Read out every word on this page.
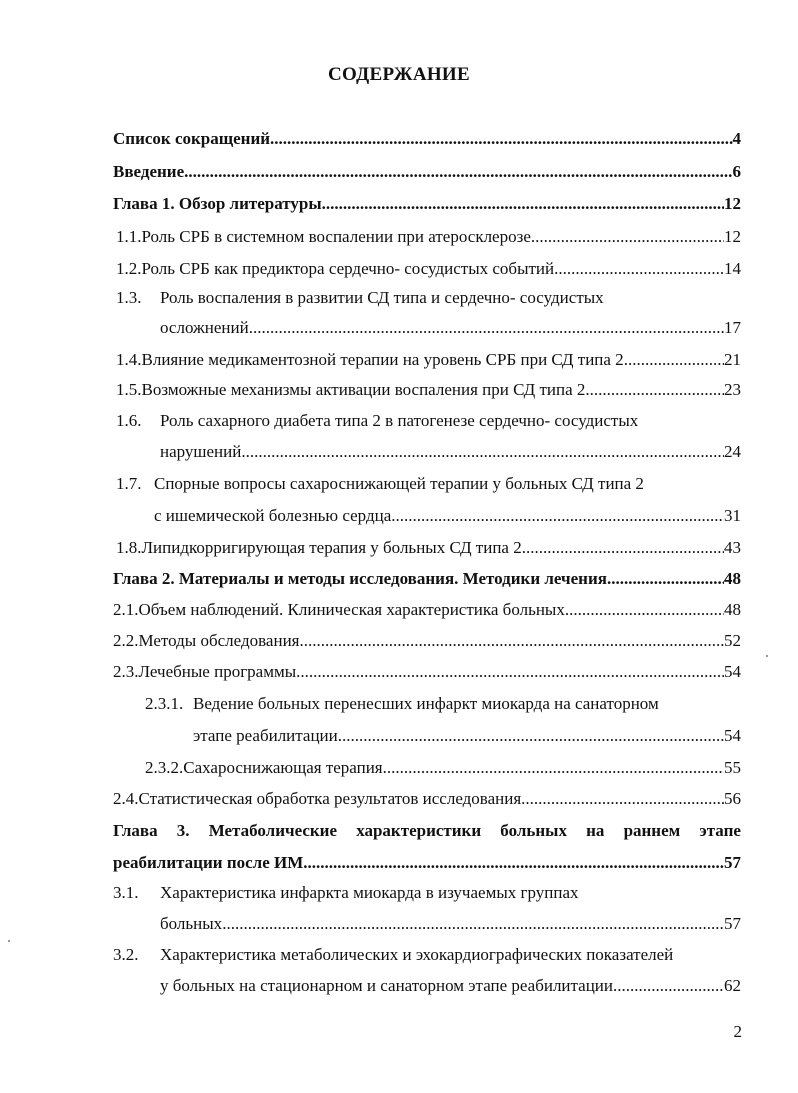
СОДЕРЖАНИЕ
Список сокращений .....	4
Введение .....	6
Глава 1. Обзор литературы .....	12
1.1. Роль СРБ в системном воспалении при атеросклерозе .....	12
1.2. Роль СРБ как предиктора сердечно- сосудистых событий .....	14
1.3. Роль воспаления в развитии СД типа и сердечно- сосудистых
осложнений .....	17
1.4. Влияние медикаментозной терапии на уровень СРБ при СД типа 2 .....	21
1.5. Возможные механизмы активации воспаления при СД типа 2 .....	23
1.6. Роль сахарного диабета типа 2 в патогенезе сердечно- сосудистых
нарушений .....	24
1.7. Спорные вопросы сахароснижающей терапии у больных СД типа 2
с ишемической болезнью сердца .....	31
1.8. Липидкорригирующая терапия у больных СД типа 2 .....	43
Глава 2. Материалы и методы исследования. Методики лечения .....	48
2.1. Объем наблюдений. Клиническая характеристика больных .....	48
2.2. Методы обследования .....	52
2.3. Лечебные программы .....	54
2.3.1. Ведение больных перенесших инфаркт миокарда на санаторном
этапе реабилитации .....	54
2.3.2. Сахароснижающая терапия .....	55
2.4. Статистическая обработка результатов исследования .....	56
Глава 3. Метаболические характеристики больных на раннем этапе
реабилитации после ИМ .....	57
3.1. Характеристика инфаркта миокарда в изучаемых группах
больных .....	57
3.2. Характеристика метаболических и эхокардиографических показателей
у больных на стационарном и санаторном этапе реабилитации .....	62
2
